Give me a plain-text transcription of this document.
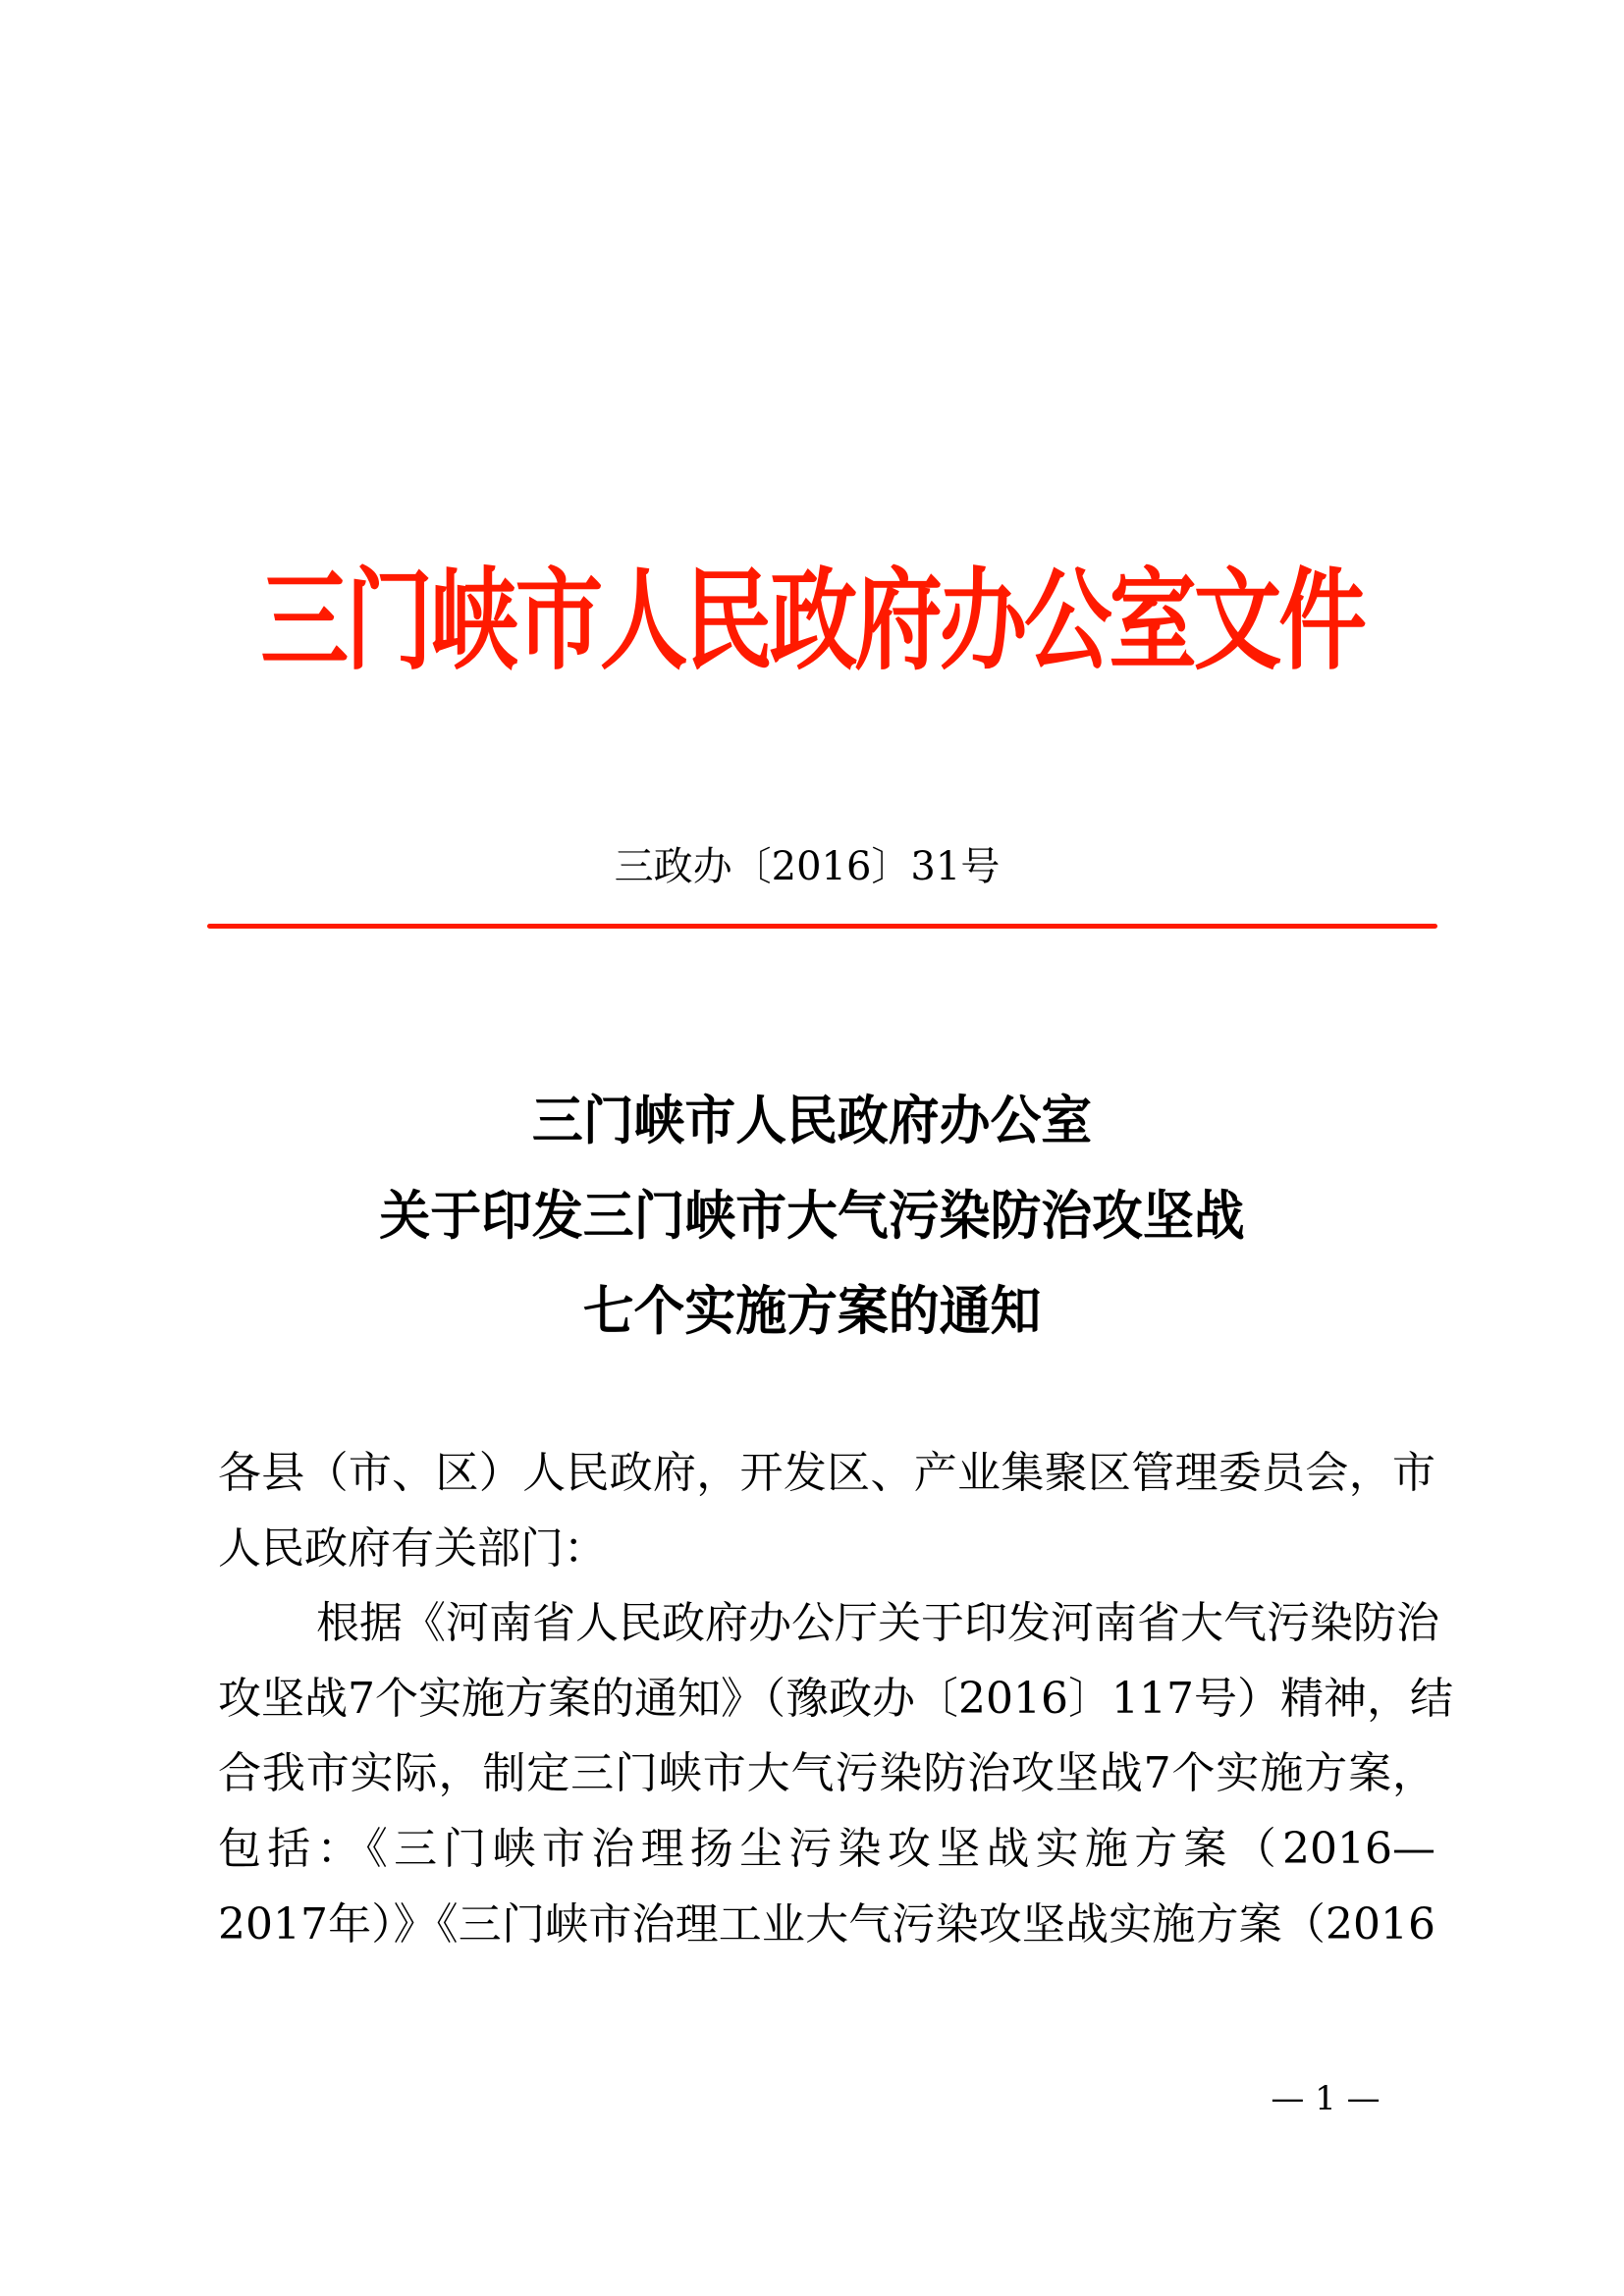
三门峡市人民政府办公室文件
三政办〔2016〕31号
三门峡市人民政府办公室
关于印发三门峡市大气污染防治攻坚战
七个实施方案的通知
各县（市、区）人民政府，开发区、产业集聚区管理委员会，市
人民政府有关部门：
根据《河南省人民政府办公厅关于印发河南省大气污染防治
攻坚战7个实施方案的通知》（豫政办〔2016〕117号）精神，结
合我市实际，制定三门峡市大气污染防治攻坚战7个实施方案，
包括：《三门峡市治理扬尘污染攻坚战实施方案（2016—
2017年）》《三门峡市治理工业大气污染攻坚战实施方案（2016
— 1 —
